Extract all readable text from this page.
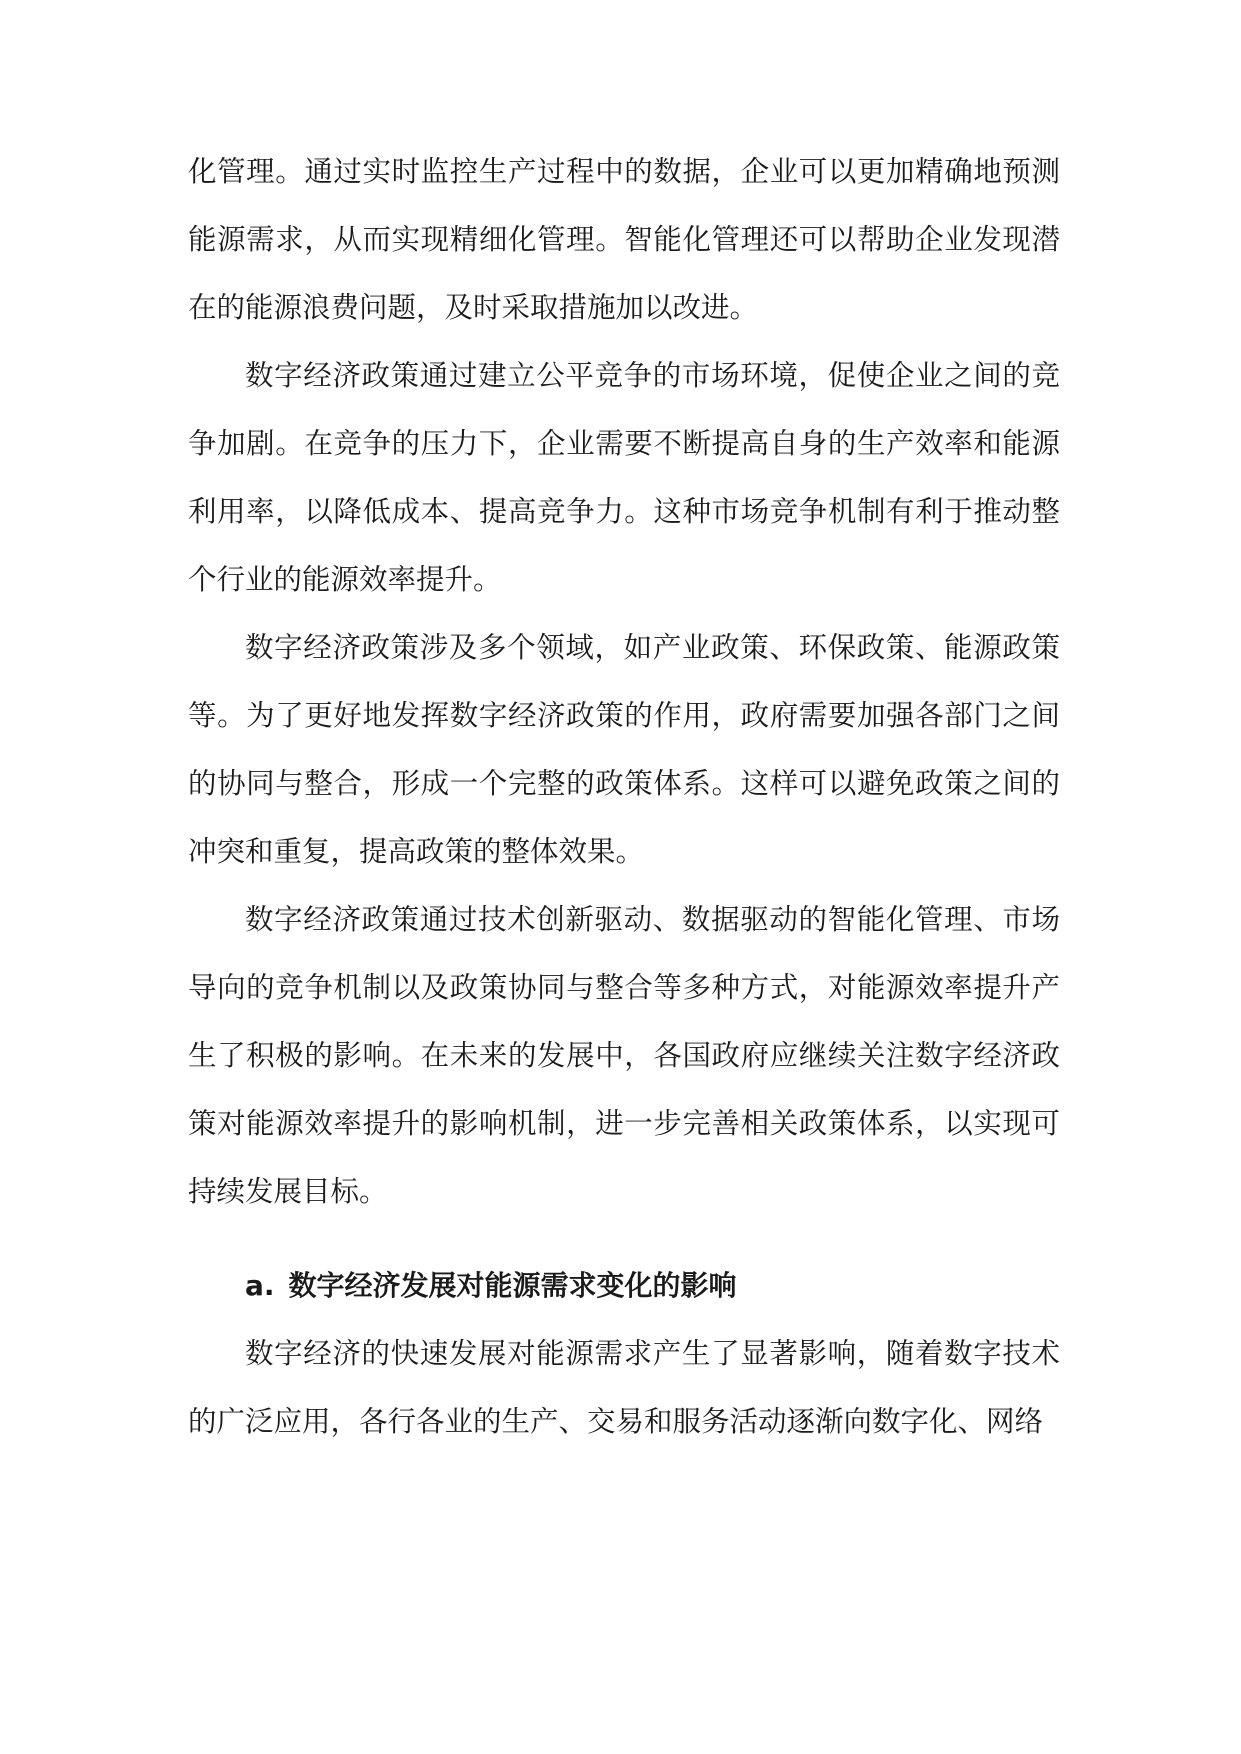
化管理。通过实时监控生产过程中的数据，企业可以更加精确地预测能源需求，从而实现精细化管理。智能化管理还可以帮助企业发现潜在的能源浪费问题，及时采取措施加以改进。

数字经济政策通过建立公平竞争的市场环境，促使企业之间的竞争加剧。在竞争的压力下，企业需要不断提高自身的生产效率和能源利用率，以降低成本、提高竞争力。这种市场竞争机制有利于推动整个行业的能源效率提升。

数字经济政策涉及多个领域，如产业政策、环保政策、能源政策等。为了更好地发挥数字经济政策的作用，政府需要加强各部门之间的协同与整合，形成一个完整的政策体系。这样可以避免政策之间的冲突和重复，提高政策的整体效果。

数字经济政策通过技术创新驱动、数据驱动的智能化管理、市场导向的竞争机制以及政策协同与整合等多种方式，对能源效率提升产生了积极的影响。在未来的发展中，各国政府应继续关注数字经济政策对能源效率提升的影响机制，进一步完善相关政策体系，以实现可持续发展目标。

a. 数字经济发展对能源需求变化的影响

数字经济的快速发展对能源需求产生了显著影响，随着数字技术的广泛应用，各行各业的生产、交易和服务活动逐渐向数字化、网络
